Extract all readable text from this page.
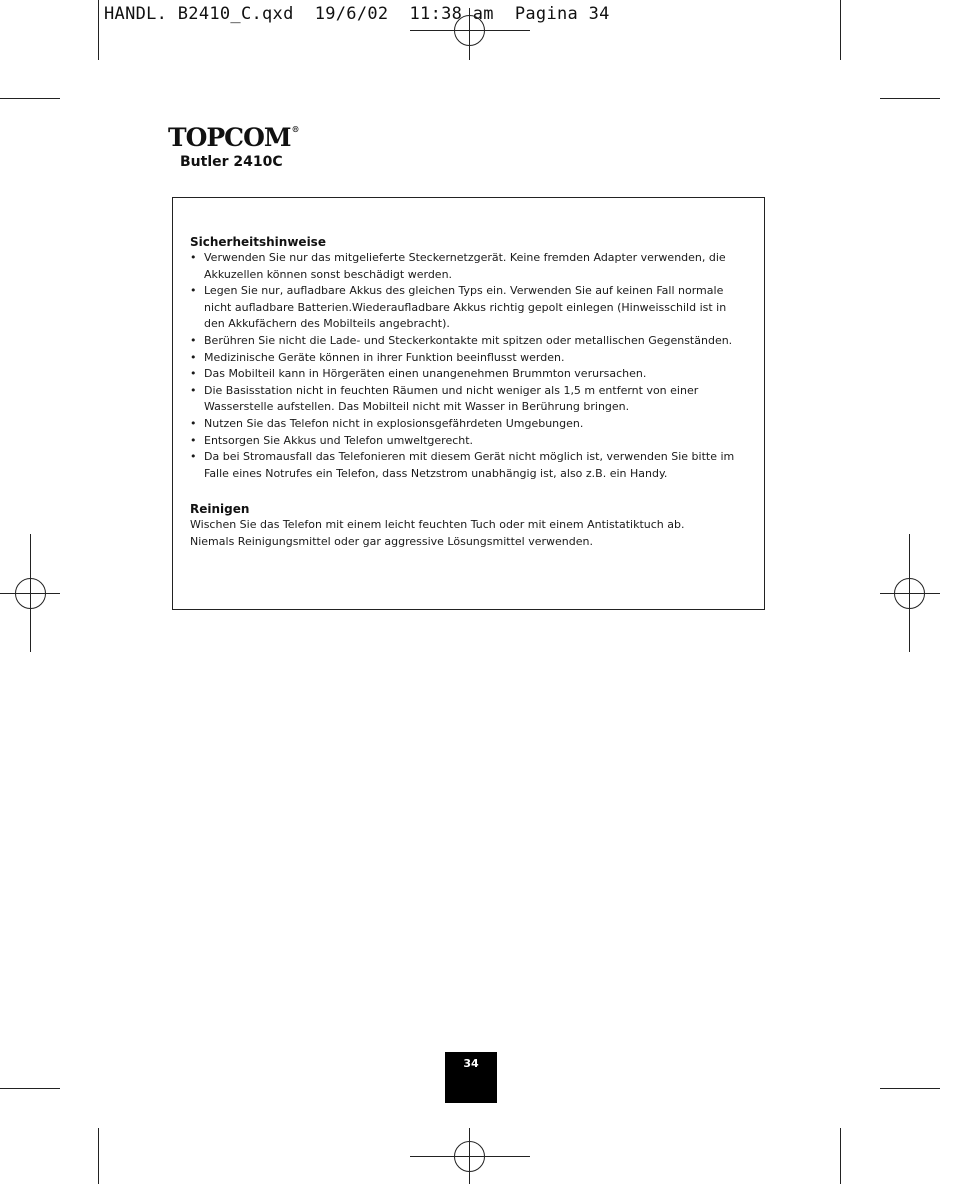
HANDL. B2410_C.qxd  19/6/02  11:38 am  Pagina 34
TOPCOM®
Butler 2410C
Sicherheitshinweise
• Verwenden Sie nur das mitgelieferte Steckernetzgerät. Keine fremden Adapter verwenden, die Akkuzellen können sonst beschädigt werden.
• Legen Sie nur, aufladbare Akkus des gleichen Typs ein. Verwenden Sie auf keinen Fall normale nicht aufladbare Batterien.Wiederaufladbare Akkus richtig gepolt einlegen (Hinweisschild ist in den Akkufächern des Mobilteils angebracht).
• Berühren Sie nicht die Lade- und Steckerkontakte mit spitzen oder metallischen Gegenständen.
• Medizinische Geräte können in ihrer Funktion beeinflusst werden.
• Das Mobilteil kann in Hörgeräten einen unangenehmen Brummton verursachen.
• Die Basisstation nicht in feuchten Räumen und nicht weniger als 1,5 m entfernt von einer Wasserstelle aufstellen. Das Mobilteil nicht mit Wasser in Berührung bringen.
• Nutzen Sie das Telefon nicht in explosionsgefährdeten Umgebungen.
• Entsorgen Sie Akkus und Telefon umweltgerecht.
• Da bei Stromausfall das Telefonieren mit diesem Gerät nicht möglich ist, verwenden Sie bitte im Falle eines Notrufes ein Telefon, dass Netzstrom unabhängig ist, also z.B. ein Handy.
Reinigen

Wischen Sie das Telefon mit einem leicht feuchten Tuch oder mit einem Antistatiktuch ab.

Niemals Reinigungsmittel oder gar aggressive Lösungsmittel verwenden.

34
